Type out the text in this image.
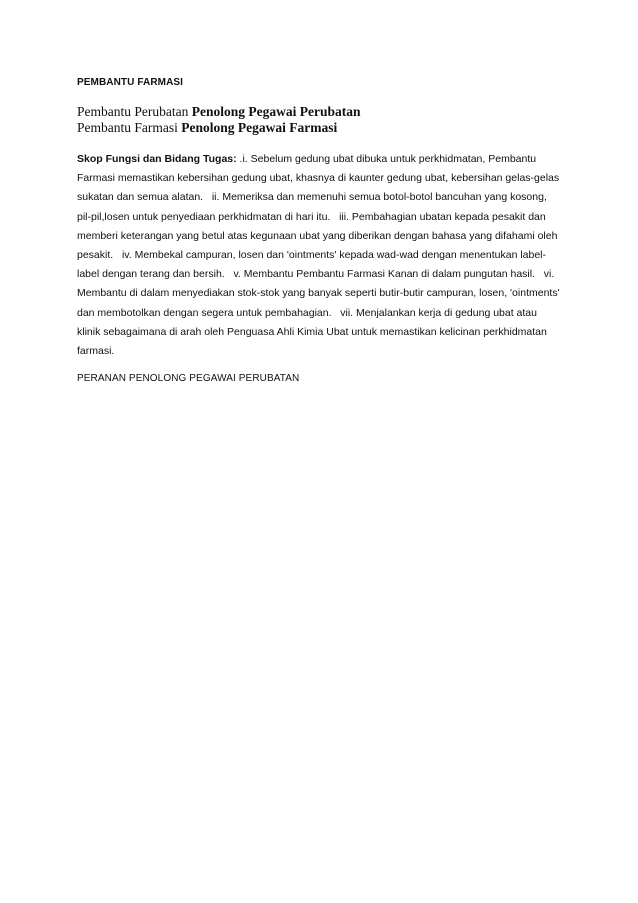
PEMBANTU FARMASI

Pembantu Perubatan Penolong Pegawai Perubatan

Pembantu Farmasi Penolong Pegawai Farmasi

Skop Fungsi dan Bidang Tugas: .i. Sebelum gedung ubat dibuka untuk perkhidmatan, Pembantu Farmasi memastikan kebersihan gedung ubat, khasnya di kaunter gedung ubat, kebersihan gelas-gelas sukatan dan semua alatan.   ii. Memeriksa dan memenuhi semua botol-botol bancuhan yang kosong, pil-pil,losen untuk penyediaan perkhidmatan di hari itu.   iii. Pembahagian ubatan kepada pesakit dan memberi keterangan yang betul atas kegunaan ubat yang diberikan dengan bahasa yang difahami oleh pesakit.   iv. Membekal campuran, losen dan 'ointments' kepada wad-wad dengan menentukan label-label dengan terang dan bersih.   v. Membantu Pembantu Farmasi Kanan di dalam pungutan hasil.   vi. Membantu di dalam menyediakan stok-stok yang banyak seperti butir-butir campuran, losen, 'ointments' dan membotolkan dengan segera untuk pembahagian.   vii. Menjalankan kerja di gedung ubat atau klinik sebagaimana di arah oleh Penguasa Ahli Kimia Ubat untuk memastikan kelicinan perkhidmatan farmasi.
PERANAN PENOLONG PEGAWAI PERUBATAN
